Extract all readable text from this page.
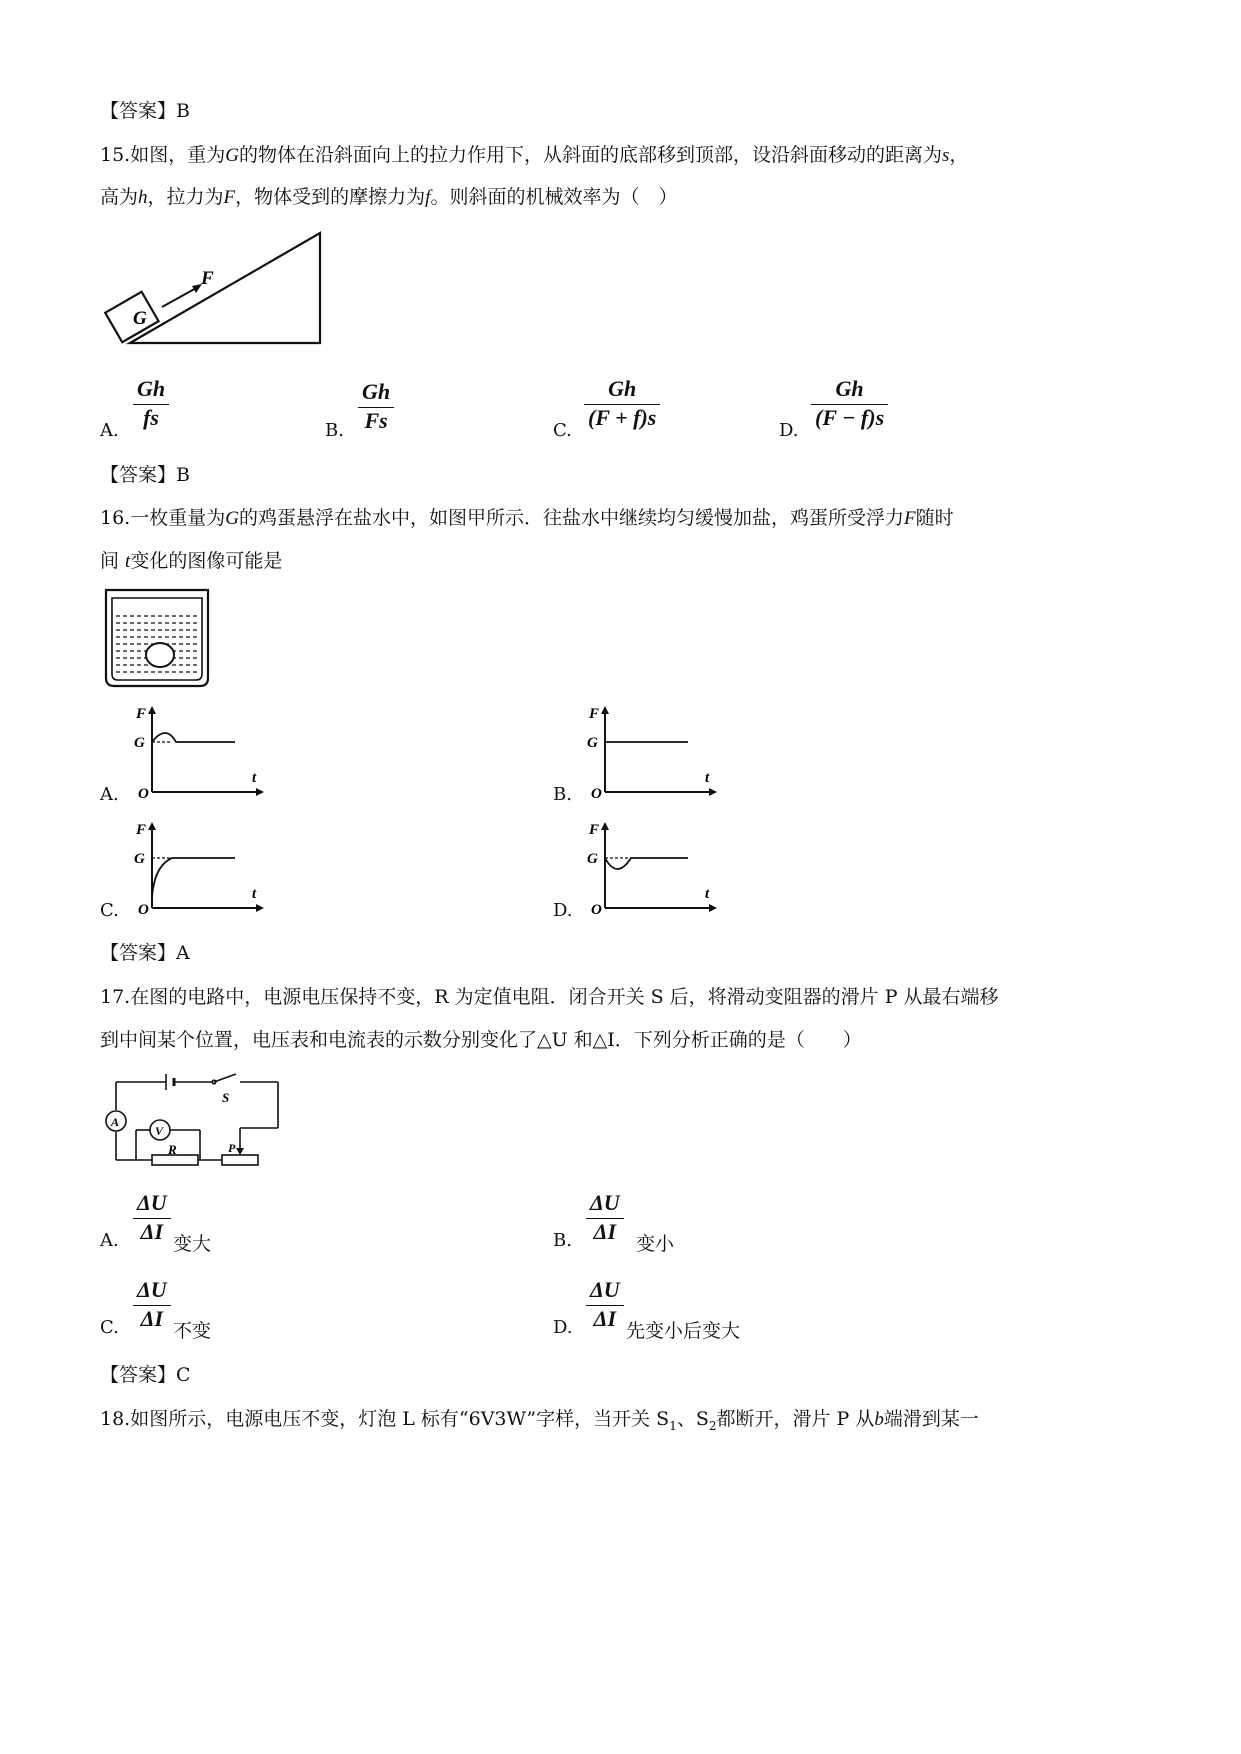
【答案】B
15.如图，重为G的物体在沿斜面向上的拉力作用下，从斜面的底部移到顶部，设沿斜面移动的距离为s，
高为h，拉力为F，物体受到的摩擦力为f。则斜面的机械效率为（　）
G
F
A. $\frac{Gh}{fs}$	B. $\frac{Gh}{Fs}$	C. $\frac{Gh}{(F + f)s}$	D. $\frac{Gh}{(F - f)s}$
【答案】B
16.一枚重量为G的鸡蛋悬浮在盐水中，如图甲所示．往盐水中继续均匀缓慢加盐，鸡蛋所受浮力F随时
间 t变化的图像可能是
A.
F
G
O
t
B.
F
G
O
t
C.
F
G
O
t
D.
F
G
O
t
【答案】A
17.在图的电路中，电源电压保持不变，R 为定值电阻．闭合开关 S 后，将滑动变阻器的滑片 P 从最右端移
到中间某个位置，电压表和电流表的示数分别变化了△U 和△I．下列分析正确的是（　　）
S
A
V
R	P
A. $\frac{\Delta U}{\Delta I}$ 变大	B. $\frac{\Delta U}{\Delta I}$ 变小
C. $\frac{\Delta U}{\Delta I}$ 不变	D. $\frac{\Delta U}{\Delta I}$ 先变小后变大
【答案】C
18.如图所示，电源电压不变，灯泡 L 标有“6V3W”字样，当开关 $S_1$、$S_2$都断开，滑片 P 从b端滑到某一
